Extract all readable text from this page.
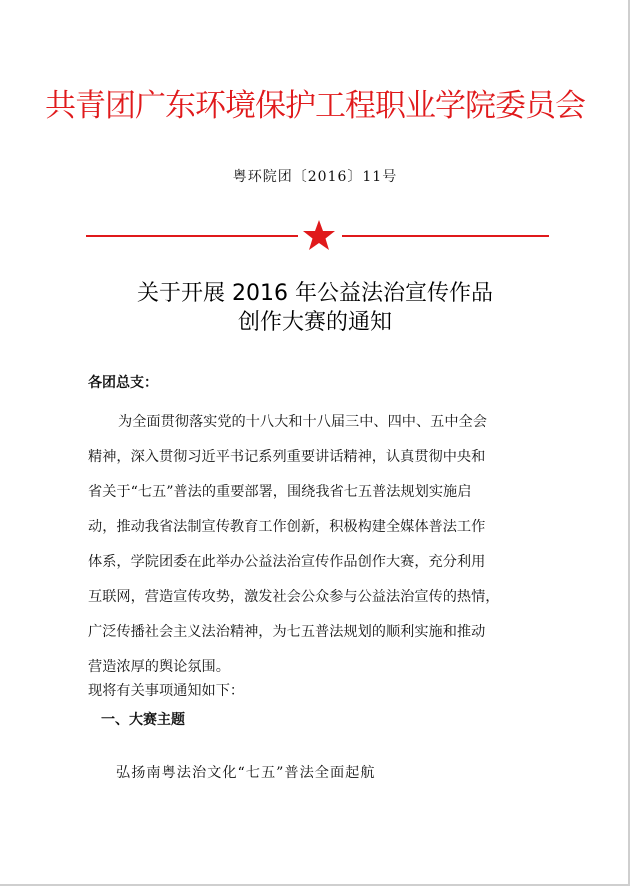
共青团广东环境保护工程职业学院委员会
粤环院团〔2016〕11号
关于开展 2016 年公益法治宣传作品
创作大赛的通知
各团总支：
为全面贯彻落实党的十八大和十八届三中、四中、五中全会
精神，深入贯彻习近平书记系列重要讲话精神，认真贯彻中央和
省关于“七五”普法的重要部署，围绕我省七五普法规划实施启
动，推动我省法制宣传教育工作创新，积极构建全媒体普法工作
体系，学院团委在此举办公益法治宣传作品创作大赛，充分利用
互联网，营造宣传攻势，激发社会公众参与公益法治宣传的热情，
广泛传播社会主义法治精神，为七五普法规划的顺利实施和推动
营造浓厚的舆论氛围。
现将有关事项通知如下：
一、大赛主题
弘扬南粤法治文化“七五”普法全面起航
